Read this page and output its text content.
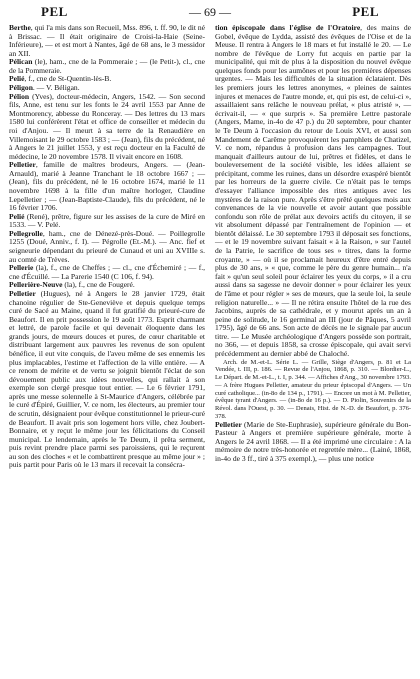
PEL	— 69 —	PEL

Berthe, qui l'a mis dans son Recueil, Mss. 896, t. ff. 90, le dit né à Brissac. — Il était originaire de Croisi-la-Haie (Seine-Inférieure), — et est mort à Nantes, âgé de 68 ans, le 3 messidor an XII.

Pélican (le), ham., cne de la Pommeraie ; — (le Petit-), cl., cne de la Pommeraie.

Pelié, f., cne de St-Quentin-lès-B.

Péligon. — V. Béligan.

Pélion (Yves), docteur-médecin, Angers, 1542. — Son second fils, Anne, est tenu sur les fonts le 24 avril 1553 par Anne de Montmorency, abbesse du Ronceray. — Des lettres du 13 mars 1580 lui conférèrent l'état et office de conseiller et médecin du roi d'Anjou. — Il meurt à sa terre de la Renaudière en Villemoisant le 29 octobre 1583 ; — (Jean), fils du précédent, né à Angers le 21 juillet 1553, y est reçu docteur en la Faculté de médecine, le 20 novembre 1578. Il vivait encore en 1608.

Pelletier, famille de maîtres brodeurs, Angers. — (Jean-Arnauld), marié à Jeanne Tranchant le 18 octobre 1667 ; — (Jean), fils du précédent, né le 16 octobre 1674, marié le 11 novembre 1698 à la fille d'un maître horloger, Claudine Lepelletier ; — (Jean-Baptiste-Claude), fils du précédent, né le 16 février 1706.

Pelié (René), prêtre, figure sur les assises de la cure de Miré en 1533. — V. Pelé.

Pellegrolle, ham., cne de Dénezé-près-Doué. — Poillegrolle 1255 (Doué, Anniv., f. I). — Pégrolle (Et.-M.). — Anc. fief et seigneurie dépendant du prieuré de Cunaud et uni au XVIIIe s. au comté de Trèves.

Pellerie (la), f., cne de Cheffes ; — cl., cne d'Échemiré ; — f., cne d'Écuillé. — La Parerie 1540 (C 106, f. 94).

Pellerière-Neuve (la), f., cne de Fougeré.

Pelletier (Hugues), né à Angers le 28 janvier 1729, était chanoine régulier de Ste-Geneviève et depuis quelque temps curé de Sacé au Maine, quand il fut gratifié du prieuré-cure de Beaufort. Il en prit possession le 19 août 1773. Esprit charmant et lettré, de parole facile et qui devenait éloquente dans les grands jours, de mœurs douces et pures, de cœur charitable et distribuant largement aux pauvres les revenus de son opulent bénéfice, il eut vite conquis, de l'aveu même de ses ennemis les plus implacables, l'estime et l'affection de la ville entière. — A ce renom de mérite et de vertu se joignit bientôt l'éclat de son dévouement public aux idées nouvelles, qui rallait à son exemple son clergé presque tout entier. — Le 6 février 1791, après une messe solennelle à St-Maurice d'Angers, célébrée par le curé d'Épiré, Guillier, V. ce nom, les électeurs, au premier tour de scrutin, désignaient pour évêque constitutionnel le prieur-curé de Beaufort. Il avait pris son logement hors ville, chez Joubert-Bonnaire, et y reçut le même jour les félicitations du Conseil municipal. Le lendemain, après le Te Deum, il prêta serment, puis revint prendre place parmi ses paroissiens, qui le reçurent au son des cloches « et le combattirent presque au même jour » ; puis partit pour Paris où le 13 mars il recevait la consécra-

tion épiscopale dans l'église de l'Oratoire, des mains de Gobel, évêque de Lydda, assisté des évêques de l'Oise et de la Meuse. Il rentra à Angers le 18 mars et fut installé le 20. — Le nombre de l'évêque de Lorry fut acquis en partie par la municipalité, qui mit de plus à la disposition du nouvel évêque quelques fonds pour les aumônes et pour les premières dépenses urgentes. — Mais les difficultés de la situation éclataient. Dès les premiers jours les lettres anonymes, « pleines de saintes injures et menaces de l'autre monde, et, qui pis est, de celui-ci », assaillaient sans relâche le nouveau prélat, « plus atristé », — écrivait-il, — « que surpris ». Sa première Lettre pastorale (Angers, Mame, in-4o de 47 p.) du 20 septembre, pour chanter le Te Deum à l'occasion du retour de Louis XVI, et aussi son Mandement de Carême provoquèrent les pamphlets de Chatizel, V. ce nom, répandus à profusion dans les campagnes. Tout manquait d'ailleurs autour de lui, prêtres et fidèles, et dans le bouleversement de la société visible, les idées allaient se précipitant, comme les ruines, dans un désordre exaspéré bientôt par les horreurs de la guerre civile. Ce n'était pas le temps d'essayer l'alliance impossible des rites antiques avec les mystères de la raison pure. Après s'être prêté quelques mois aux convenances de la vie nouvelle et avoir autant que possible confondu son rôle de prélat aux devoirs actifs du citoyen, il se vit absolument dépassé par l'entraînement de l'opinion — et bientôt délaissé. Le 30 septembre 1793 il déposait ses fonctions, — et le 19 novembre suivant faisait « à la Raison, » sur l'autel de la Patrie, le sacrifice de tous ses » titres, dans la forme croyante, » — où il se proclamait heureux d'être entré depuis plus de 30 ans, » « que, comme le père du genre humain... n'a fait » qu'un seul soleil pour éclairer les yeux du corps, » il a cru aussi dans sa sagesse ne devoir donner » pour éclairer les yeux de l'âme et pour régler » ses de mœurs, que la seule loi, la seule religion naturelle... » — Il ne rétira ensuite l'hôtel de la rue des Jacobins, auprès de sa cathédrale, et y mourut après un an à peine de solitude, le 16 germinal an III (jour de Pâques, 5 avril 1795), âgé de 66 ans. Son acte de décès ne le signale par aucun titre. — Le Musée archéologique d'Angers possède son portrait, no 366, — et depuis 1858, sa crosse épiscopale, qui avait servi précédemment au dernier abbé de Chaloché.

Arch. de M.-et-L. Série L. — Grille, Siège d'Angers, p. 81 et La Vendée, t. III, p. 186. — Revue de l'Anjou, 1868, p. 310. — Blordier-L., Le Départ. de M.-et-L., t. I, p. 344. — Affiches d'Ang., 30 novembre 1793. — A frère Hugues Pelletier, amateur du prieur épiscopal d'Angers. — Un curé catholique... (in-8o de 134 p., 1791). — Encore un mot à M. Pelletier, évêque tyrant d'Angers. — (in-8o de 16 p.). — D. Piolin, Souvenirs de la Révol. dans l'Ouest, p. 30. — Denais, Hist. de N.-D. de Beaufort, p. 376-378.

Pelletier (Marie de Ste-Euphrasie), supérieure générale du Bon-Pasteur à Angers et première supérieure générale, morte à Angers le 24 avril 1868. — Il a été imprimé une circulaire : A la mémoire de notre très-honorée et regrettée mère... (Lainé, 1868, in-4o de 3 ff., tiré à 375 exempl.), — plus une notice
